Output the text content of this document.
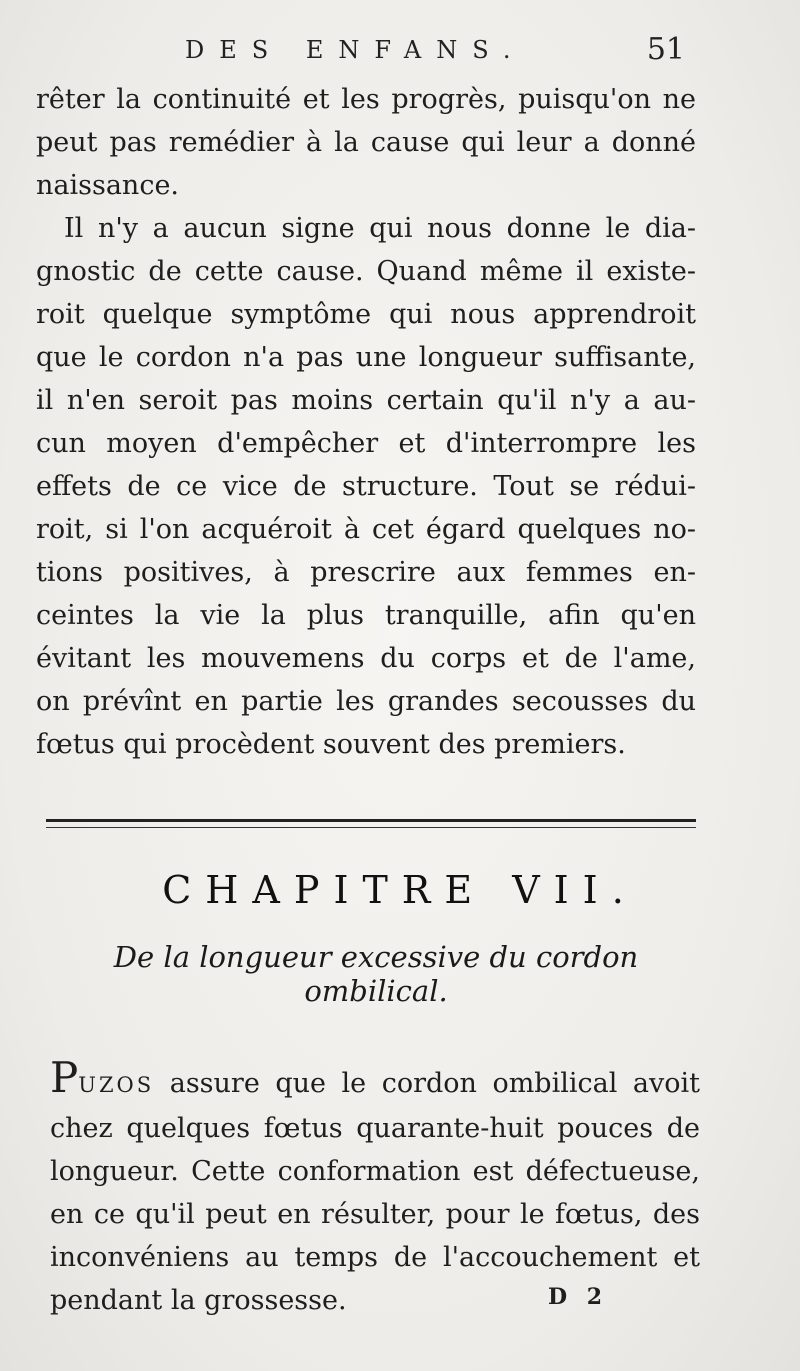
DES ENFANS.	51

rêter la continuité et les progrès, puisqu'on ne
peut pas remédier à la cause qui leur a donné
naissance.

Il n'y a aucun signe qui nous donne le dia-
gnostic de cette cause. Quand même il existe-
roit quelque symptôme qui nous apprendroit
que le cordon n'a pas une longueur suffisante,
il n'en seroit pas moins certain qu'il n'y a au-
cun moyen d'empêcher et d'interrompre les
effets de ce vice de structure. Tout se rédui-
roit, si l'on acquéroit à cet égard quelques no-
tions positives, à prescrire aux femmes en-
ceintes la vie la plus tranquille, afin qu'en
évitant les mouvemens du corps et de l'ame,
on prévînt en partie les grandes secousses du
fœtus qui procèdent souvent des premiers.

CHAPITRE VII.
De la longueur excessive du cordon ombilical.

PUZOS assure que le cordon ombilical avoit
chez quelques fœtus quarante-huit pouces de
longueur. Cette conformation est défectueuse,
en ce qu'il peut en résulter, pour le fœtus, des
inconvéniens au temps de l'accouchement et
pendant la grossesse.	D 2
